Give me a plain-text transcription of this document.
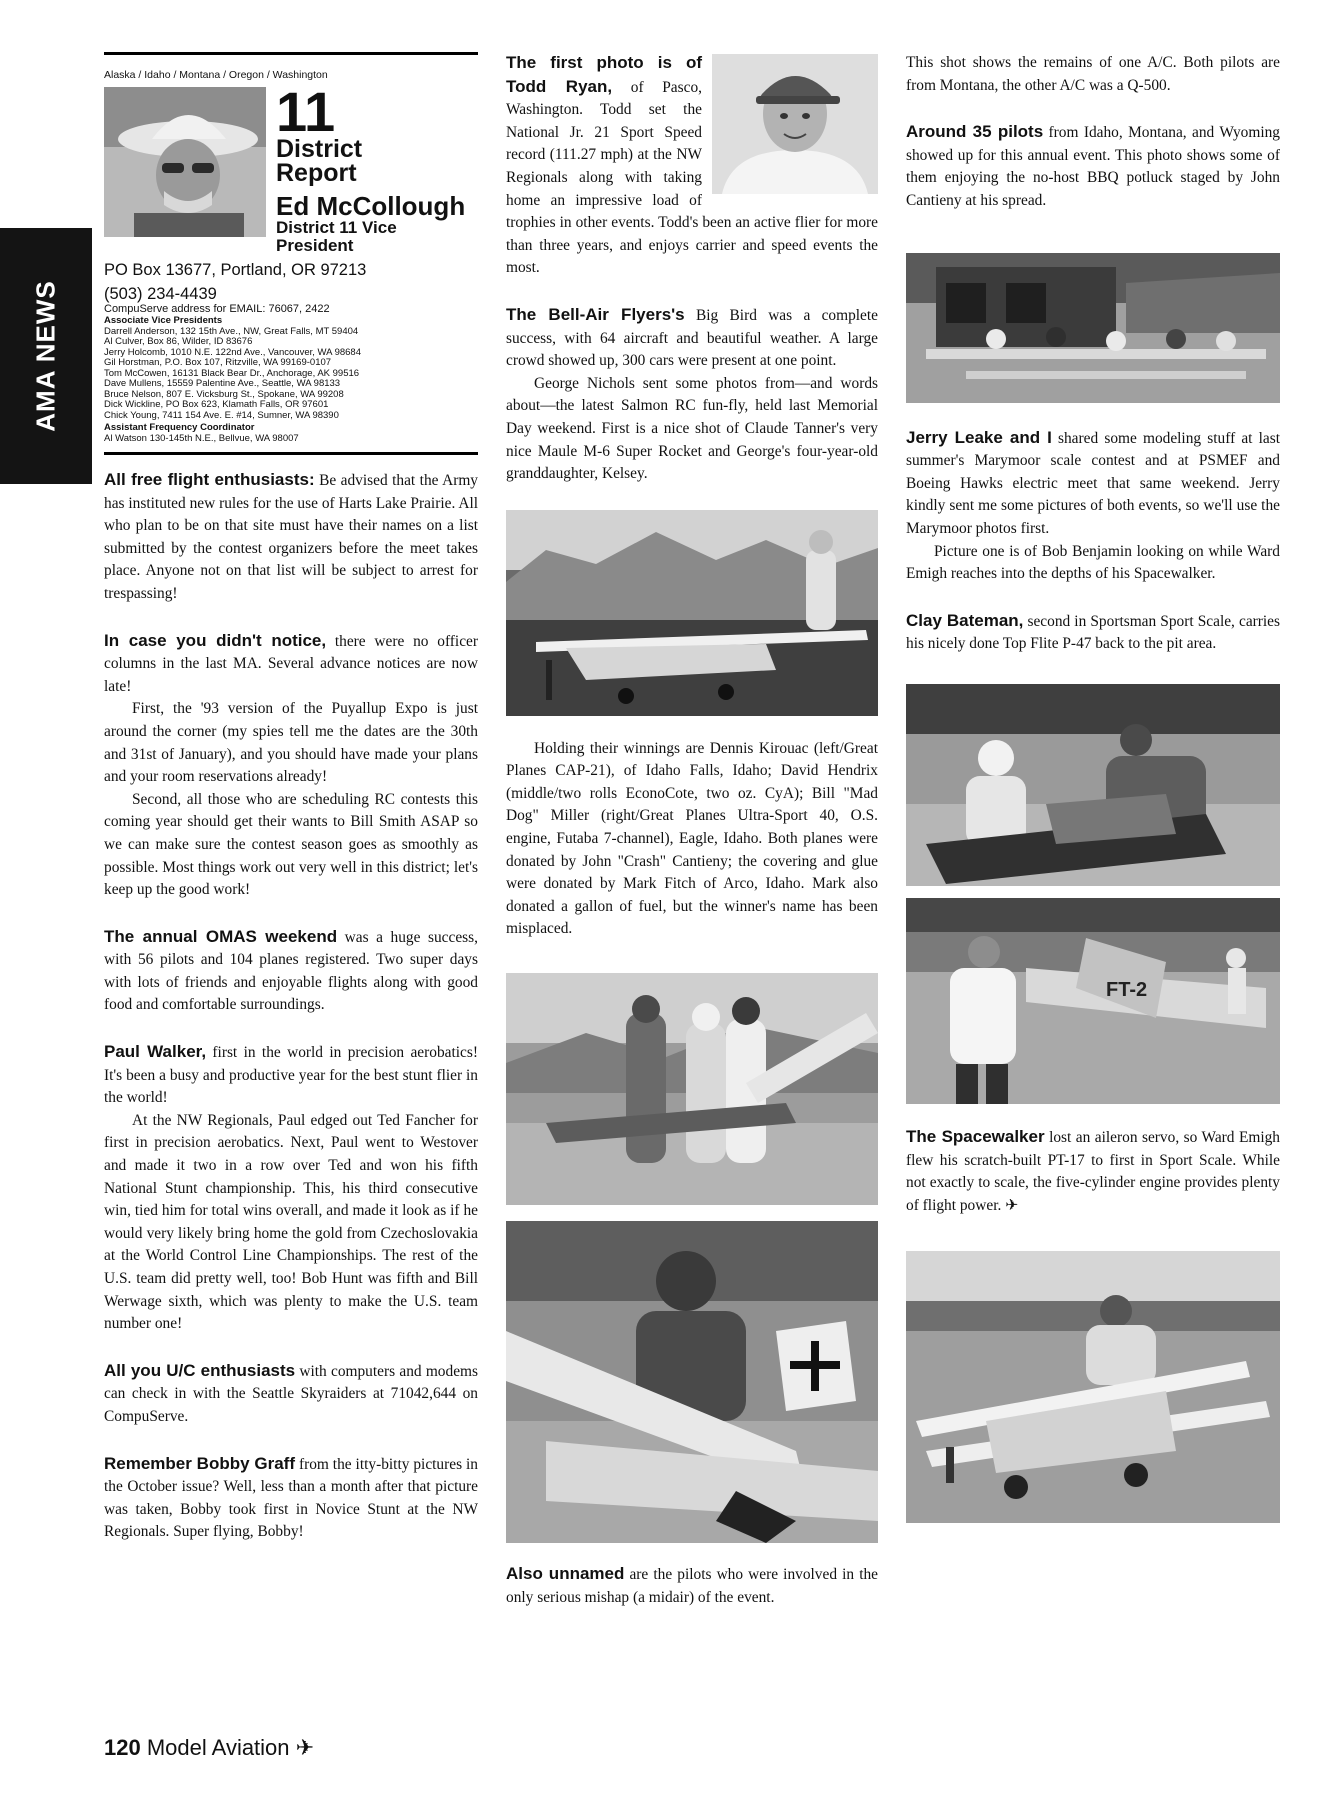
AMA NEWS
Alaska / Idaho / Montana / Oregon / Washington
11
District
Report
Ed McCollough
District 11 Vice
President
PO Box 13677, Portland, OR 97213
(503) 234-4439
CompuServe address for EMAIL: 76067, 2422
Associate Vice Presidents
Darrell Anderson, 132 15th Ave., NW, Great Falls, MT 59404
Al Culver, Box 86, Wilder, ID 83676
Jerry Holcomb, 1010 N.E. 122nd Ave., Vancouver, WA 98684
Gil Horstman, P.O. Box 107, Ritzville, WA 99169-0107
Tom McCowen, 16131 Black Bear Dr., Anchorage, AK 99516
Dave Mullens, 15559 Palentine Ave., Seattle, WA 98133
Bruce Nelson, 807 E. Vicksburg St., Spokane, WA 99208
Dick Wickline, PO Box 623, Klamath Falls, OR 97601
Chick Young, 7411 154 Ave. E. #14, Sumner, WA 98390
Assistant Frequency Coordinator
Al Watson 130-145th N.E., Bellvue, WA 98007

All free flight enthusiasts: Be advised that the Army has instituted new rules for the use of Harts Lake Prairie. All who plan to be on that site must have their names on a list submitted by the contest organizers before the meet takes place. Anyone not on that list will be subject to arrest for trespassing!

In case you didn't notice, there were no officer columns in the last MA. Several advance notices are now late!

First, the '93 version of the Puyallup Expo is just around the corner (my spies tell me the dates are the 30th and 31st of January), and you should have made your plans and your room reservations already!

Second, all those who are scheduling RC contests this coming year should get their wants to Bill Smith ASAP so we can make sure the contest season goes as smoothly as possible. Most things work out very well in this district; let's keep up the good work!

The annual OMAS weekend was a huge success, with 56 pilots and 104 planes registered. Two super days with lots of friends and enjoyable flights along with good food and comfortable surroundings.

Paul Walker, first in the world in precision aerobatics! It's been a busy and productive year for the best stunt flier in the world!

At the NW Regionals, Paul edged out Ted Fancher for first in precision aerobatics. Next, Paul went to Westover and made it two in a row over Ted and won his fifth National Stunt championship. This, his third consecutive win, tied him for total wins overall, and made it look as if he would very likely bring home the gold from Czechoslovakia at the World Control Line Championships. The rest of the U.S. team did pretty well, too! Bob Hunt was fifth and Bill Werwage sixth, which was plenty to make the U.S. team number one!

All you U/C enthusiasts with computers and modems can check in with the Seattle Skyraiders at 71042,644 on CompuServe.

Remember Bobby Graff from the itty-bitty pictures in the October issue? Well, less than a month after that picture was taken, Bobby took first in Novice Stunt at the NW Regionals. Super flying, Bobby!

The first photo is of Todd Ryan, of Pasco, Washington. Todd set the National Jr. 21 Sport Speed record (111.27 mph) at the NW Regionals along with taking home an impressive load of trophies in other events. Todd's been an active flier for more than three years, and enjoys carrier and speed events the most.

The Bell-Air Flyers's Big Bird was a complete success, with 64 aircraft and beautiful weather. A large crowd showed up, 300 cars were present at one point.

George Nichols sent some photos from—and words about—the latest Salmon RC fun-fly, held last Memorial Day weekend. First is a nice shot of Claude Tanner's very nice Maule M-6 Super Rocket and George's four-year-old granddaughter, Kelsey.

Holding their winnings are Dennis Kirouac (left/Great Planes CAP-21), of Idaho Falls, Idaho; David Hendrix (middle/two rolls EconoCote, two oz. CyA); Bill "Mad Dog" Miller (right/Great Planes Ultra-Sport 40, O.S. engine, Futaba 7-channel), Eagle, Idaho. Both planes were donated by John "Crash" Cantieny; the covering and glue were donated by Mark Fitch of Arco, Idaho. Mark also donated a gallon of fuel, but the winner's name has been misplaced.

Also unnamed are the pilots who were involved in the only serious mishap (a midair) of the event.

This shot shows the remains of one A/C. Both pilots are from Montana, the other A/C was a Q-500.

Around 35 pilots from Idaho, Montana, and Wyoming showed up for this annual event. This photo shows some of them enjoying the no-host BBQ potluck staged by John Cantieny at his spread.

Jerry Leake and I shared some modeling stuff at last summer's Marymoor scale contest and at PSMEF and Boeing Hawks electric meet that same weekend. Jerry kindly sent me some pictures of both events, so we'll use the Marymoor photos first.

Picture one is of Bob Benjamin looking on while Ward Emigh reaches into the depths of his Spacewalker.

Clay Bateman, second in Sportsman Sport Scale, carries his nicely done Top Flite P-47 back to the pit area.

FT-2

The Spacewalker lost an aileron servo, so Ward Emigh flew his scratch-built PT-17 to first in Sport Scale. While not exactly to scale, the five-cylinder engine provides plenty of flight power. ✈

120 Model Aviation ✈
